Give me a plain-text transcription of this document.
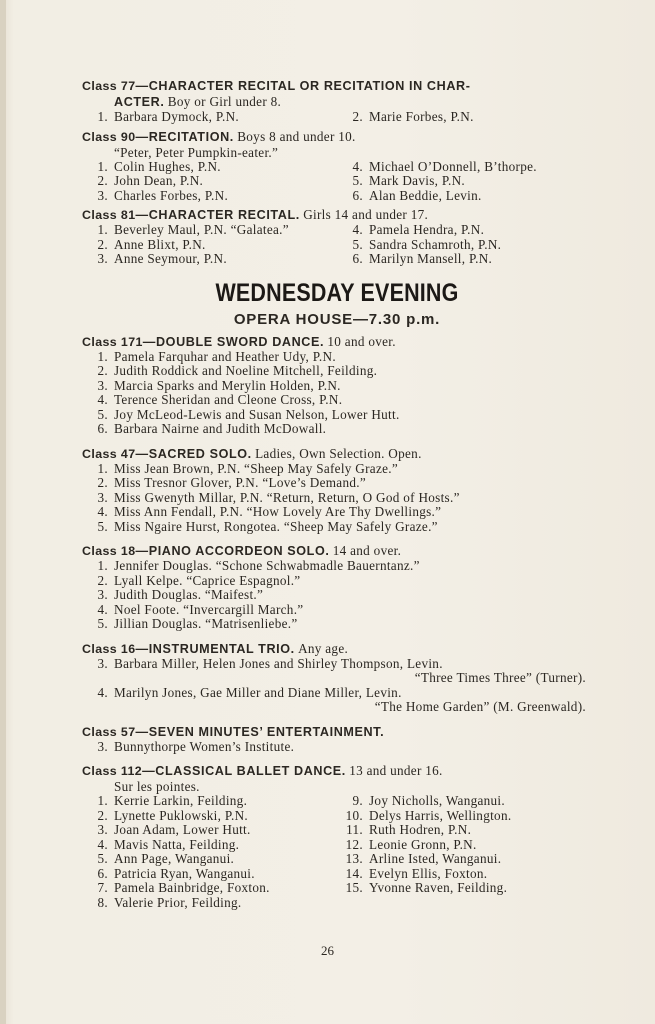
Class 77—CHARACTER RECITAL OR RECITATION IN CHAR-
ACTER. Boy or Girl under 8.
1. Barbara Dymock, P.N.	2. Marie Forbes, P.N.
Class 90—RECITATION. Boys 8 and under 10.
“Peter, Peter Pumpkin-eater.”
1. Colin Hughes, P.N.	4. Michael O’Donnell, B’thorpe.
2. John Dean, P.N.	5. Mark Davis, P.N.
3. Charles Forbes, P.N.	6. Alan Beddie, Levin.
Class 81—CHARACTER RECITAL. Girls 14 and under 17.
1. Beverley Maul, P.N. “Galatea.”	4. Pamela Hendra, P.N.
2. Anne Blixt, P.N.	5. Sandra Schamroth, P.N.
3. Anne Seymour, P.N.	6. Marilyn Mansell, P.N.
WEDNESDAY EVENING
OPERA HOUSE—7.30 p.m.
Class 171—DOUBLE SWORD DANCE. 10 and over.
1. Pamela Farquhar and Heather Udy, P.N.
2. Judith Roddick and Noeline Mitchell, Feilding.
3. Marcia Sparks and Merylin Holden, P.N.
4. Terence Sheridan and Cleone Cross, P.N.
5. Joy McLeod-Lewis and Susan Nelson, Lower Hutt.
6. Barbara Nairne and Judith McDowall.
Class 47—SACRED SOLO. Ladies, Own Selection. Open.
1. Miss Jean Brown, P.N. “Sheep May Safely Graze.”
2. Miss Tresnor Glover, P.N. “Love’s Demand.”
3. Miss Gwenyth Millar, P.N. “Return, Return, O God of Hosts.”
4. Miss Ann Fendall, P.N. “How Lovely Are Thy Dwellings.”
5. Miss Ngaire Hurst, Rongotea. “Sheep May Safely Graze.”
Class 18—PIANO ACCORDEON SOLO. 14 and over.
1. Jennifer Douglas. “Schone Schwabmadle Bauerntanz.”
2. Lyall Kelpe. “Caprice Espagnol.”
3. Judith Douglas. “Maifest.”
4. Noel Foote. “Invercargill March.”
5. Jillian Douglas. “Matrisenliebe.”
Class 16—INSTRUMENTAL TRIO. Any age.
3. Barbara Miller, Helen Jones and Shirley Thompson, Levin.
“Three Times Three” (Turner).
4. Marilyn Jones, Gae Miller and Diane Miller, Levin.
“The Home Garden” (M. Greenwald).
Class 57—SEVEN MINUTES’ ENTERTAINMENT.
3. Bunnythorpe Women’s Institute.
Class 112—CLASSICAL BALLET DANCE. 13 and under 16.
Sur les pointes.
1. Kerrie Larkin, Feilding.	9. Joy Nicholls, Wanganui.
2. Lynette Puklowski, P.N.	10. Delys Harris, Wellington.
3. Joan Adam, Lower Hutt.	11. Ruth Hodren, P.N.
4. Mavis Natta, Feilding.	12. Leonie Gronn, P.N.
5. Ann Page, Wanganui.	13. Arline Isted, Wanganui.
6. Patricia Ryan, Wanganui.	14. Evelyn Ellis, Foxton.
7. Pamela Bainbridge, Foxton.	15. Yvonne Raven, Feilding.
8. Valerie Prior, Feilding.
26
